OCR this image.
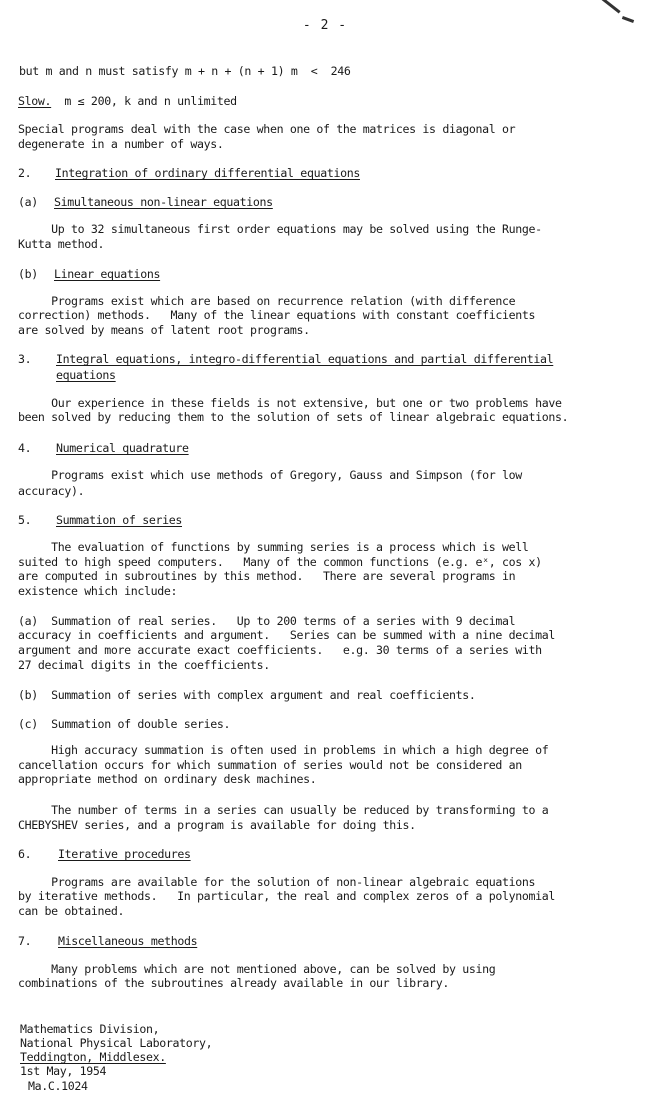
- 2 -
but m and n must satisfy m + n + (n + 1) m  <  246
Slow.  m ≤ 200, k and n unlimited
Special programs deal with the case when one of the matrices is diagonal or
degenerate in a number of ways.
2. Integration of ordinary differential equations
(a) Simultaneous non-linear equations
Up to 32 simultaneous first order equations may be solved using the Runge-
Kutta method.
(b) Linear equations
Programs exist which are based on recurrence relation (with difference
correction) methods.   Many of the linear equations with constant coefficients
are solved by means of latent root programs.
3. Integral equations, integro-differential equations and partial differential
equations
Our experience in these fields is not extensive, but one or two problems have
been solved by reducing them to the solution of sets of linear algebraic equations.
4. Numerical quadrature
Programs exist which use methods of Gregory, Gauss and Simpson (for low
accuracy).
5. Summation of series
The evaluation of functions by summing series is a process which is well
suited to high speed computers.   Many of the common functions (e.g. eˣ, cos x)
are computed in subroutines by this method.   There are several programs in
existence which include:
(a)  Summation of real series.   Up to 200 terms of a series with 9 decimal
accuracy in coefficients and argument.   Series can be summed with a nine decimal
argument and more accurate exact coefficients.   e.g. 30 terms of a series with
27 decimal digits in the coefficients.
(b)  Summation of series with complex argument and real coefficients.
(c)  Summation of double series.
High accuracy summation is often used in problems in which a high degree of
cancellation occurs for which summation of series would not be considered an
appropriate method on ordinary desk machines.
The number of terms in a series can usually be reduced by transforming to a
CHEBYSHEV series, and a program is available for doing this.
6. Iterative procedures
Programs are available for the solution of non-linear algebraic equations
by iterative methods.   In particular, the real and complex zeros of a polynomial
can be obtained.
7. Miscellaneous methods
Many problems which are not mentioned above, can be solved by using
combinations of the subroutines already available in our library.
Mathematics Division,
National Physical Laboratory,
Teddington, Middlesex.
1st May, 1954
Ma.C.1024
